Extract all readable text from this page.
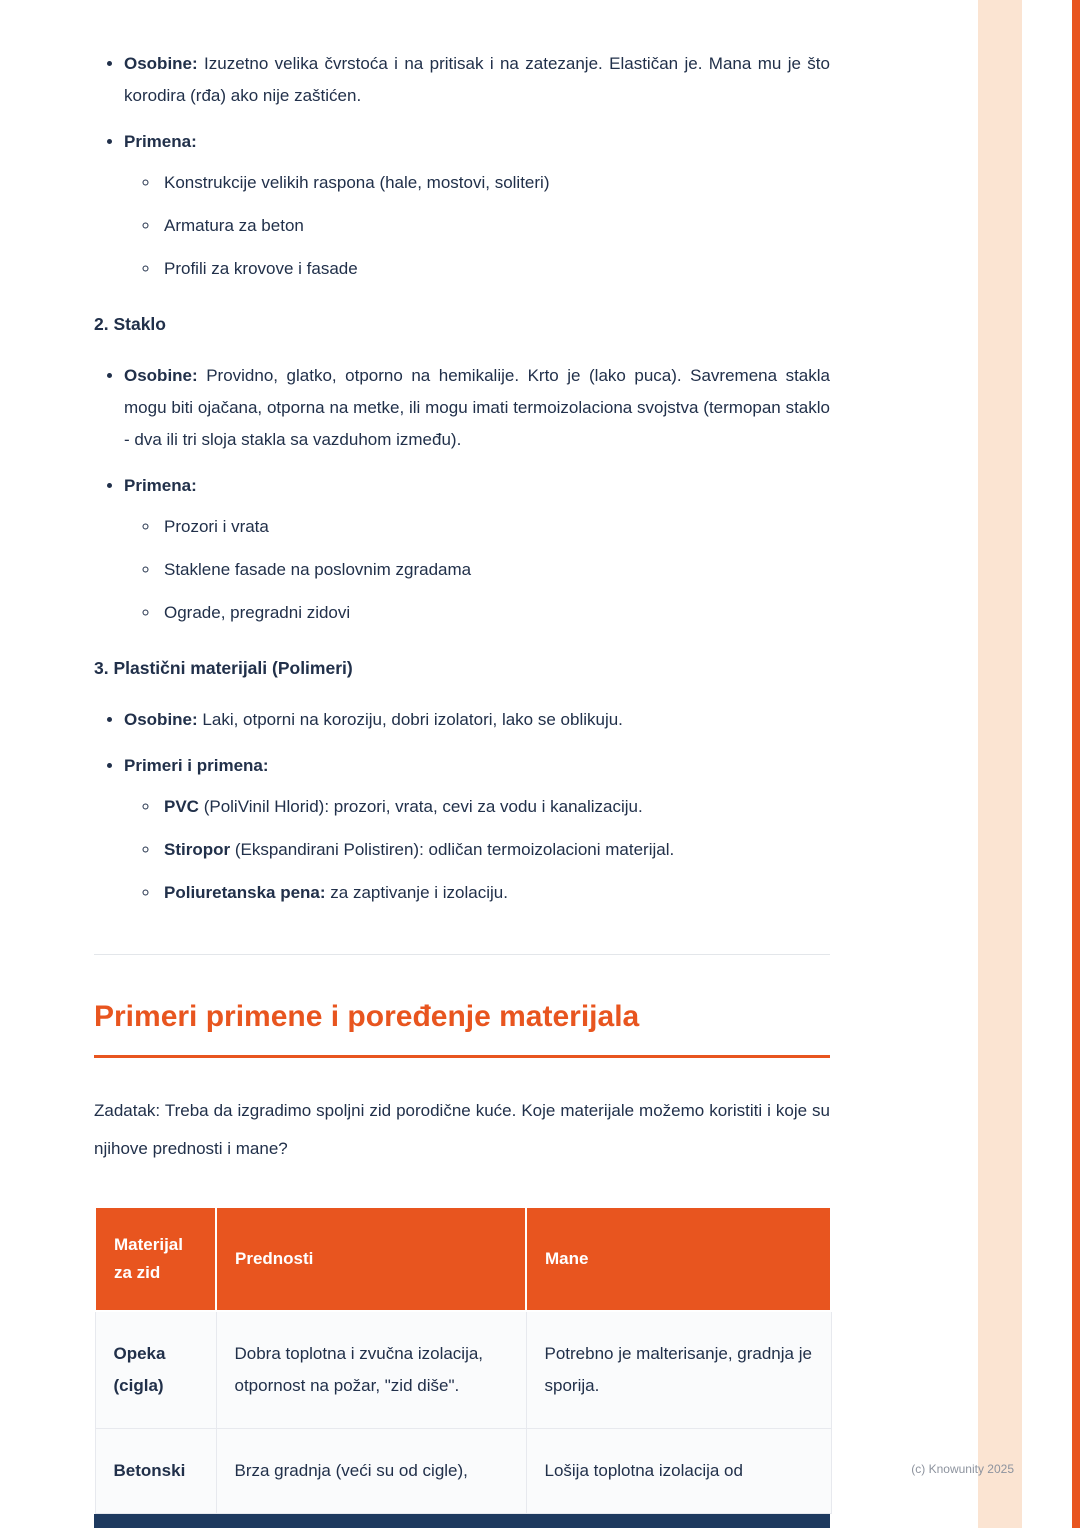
• Osobine: Izuzetno velika čvrstoća i na pritisak i na zatezanje. Elastičan je. Mana mu je što korodira (rđa) ako nije zaštićen.

• Primena:

◦ Konstrukcije velikih raspona (hale, mostovi, soliteri)
◦ Armatura za beton
◦ Profili za krovove i fasade
2. Staklo

• Osobine: Providno, glatko, otporno na hemikalije. Krto je (lako puca). Savremena stakla mogu biti ojačana, otporna na metke, ili mogu imati termoizolaciona svojstva (termopan staklo - dva ili tri sloja stakla sa vazduhom između).

• Primena:

◦ Prozori i vrata
◦ Staklene fasade na poslovnim zgradama
◦ Ograde, pregradni zidovi
3. Plastični materijali (Polimeri)

• Osobine: Laki, otporni na koroziju, dobri izolatori, lako se oblikuju.

• Primeri i primena:

◦ PVC (PoliVinil Hlorid): prozori, vrata, cevi za vodu i kanalizaciju.
◦ Stiropor (Ekspandirani Polistiren): odličan termoizolacioni materijal.
◦ Poliuretanska pena: za zaptivanje i izolaciju.
Primeri primene i poređenje materijala

Zadatak: Treba da izgradimo spoljni zid porodične kuće. Koje materijale možemo koristiti i koje su njihove prednosti i mane?

Materijal za zid	Prednosti	Mane
Opeka (cigla)	Dobra toplotna i zvučna izolacija, otpornost na požar, "zid diše".	Potrebno je malterisanje, gradnja je sporija.
Betonski	Brza gradnja (veći su od cigle),	Lošija toplotna izolacija od	(c) Knowunity 2025
